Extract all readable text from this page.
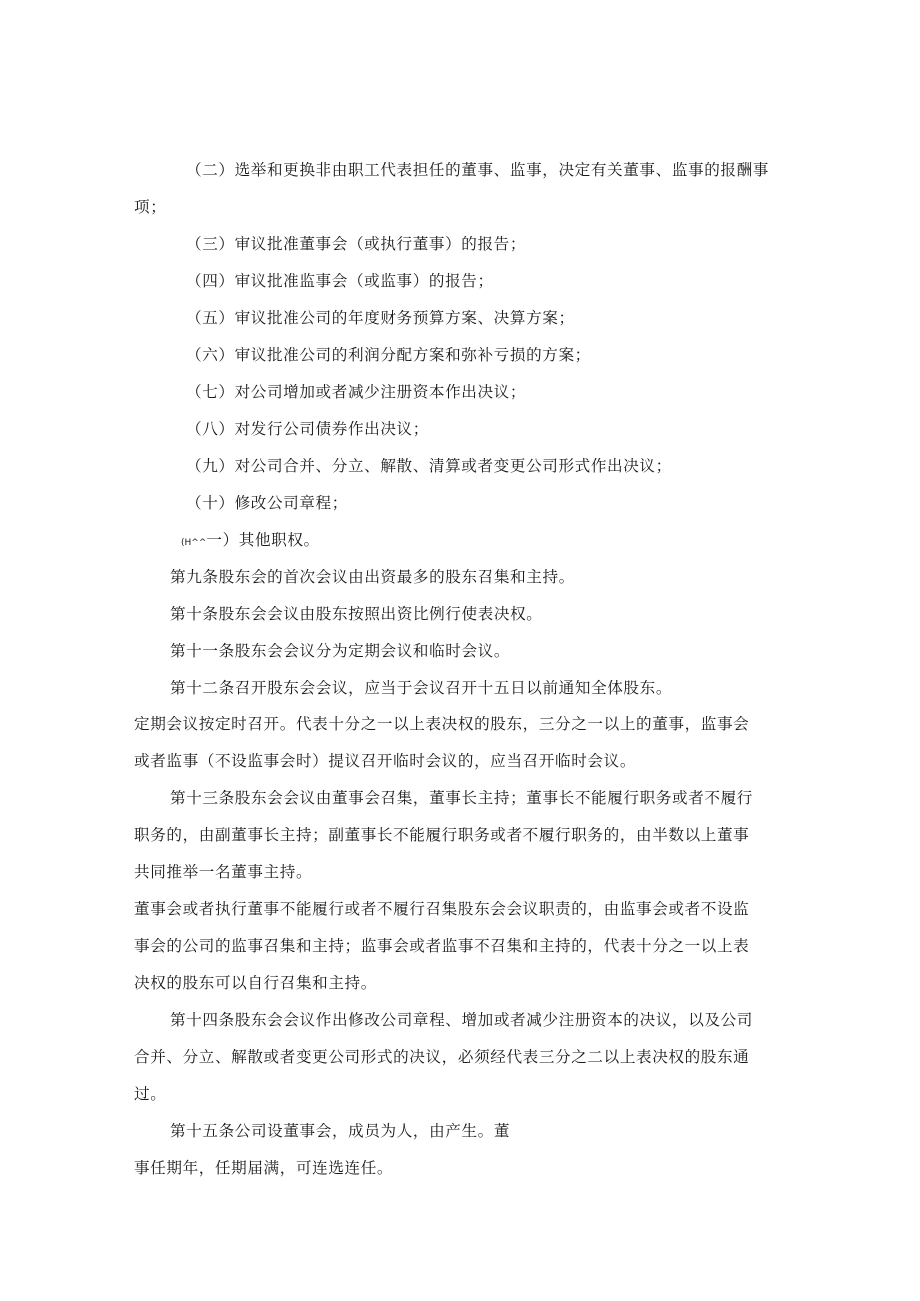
（二）选举和更换非由职工代表担任的董事、监事，决定有关董事、监事的报酬事
项；
（三）审议批准董事会（或执行董事）的报告；
（四）审议批准监事会（或监事）的报告；
（五）审议批准公司的年度财务预算方案、决算方案；
（六）审议批准公司的利润分配方案和弥补亏损的方案；
（七）对公司增加或者减少注册资本作出决议；
（八）对发行公司债券作出决议；
（九）对公司合并、分立、解散、清算或者变更公司形式作出决议；
（十）修改公司章程；
(H^^一）其他职权。
第九条股东会的首次会议由出资最多的股东召集和主持。
第十条股东会会议由股东按照出资比例行使表决权。
第十一条股东会会议分为定期会议和临时会议。
第十二条召开股东会会议，应当于会议召开十五日以前通知全体股东。
定期会议按定时召开。代表十分之一以上表决权的股东，三分之一以上的董事，监事会
或者监事（不设监事会时）提议召开临时会议的，应当召开临时会议。
第十三条股东会会议由董事会召集，董事长主持；董事长不能履行职务或者不履行
职务的，由副董事长主持；副董事长不能履行职务或者不履行职务的，由半数以上董事
共同推举一名董事主持。
董事会或者执行董事不能履行或者不履行召集股东会会议职责的，由监事会或者不设监
事会的公司的监事召集和主持；监事会或者监事不召集和主持的，代表十分之一以上表
决权的股东可以自行召集和主持。
第十四条股东会会议作出修改公司章程、增加或者减少注册资本的决议，以及公司
合并、分立、解散或者变更公司形式的决议，必须经代表三分之二以上表决权的股东通
过。
第十五条公司设董事会，成员为人，由产生。董
事任期年，任期届满，可连选连任。
